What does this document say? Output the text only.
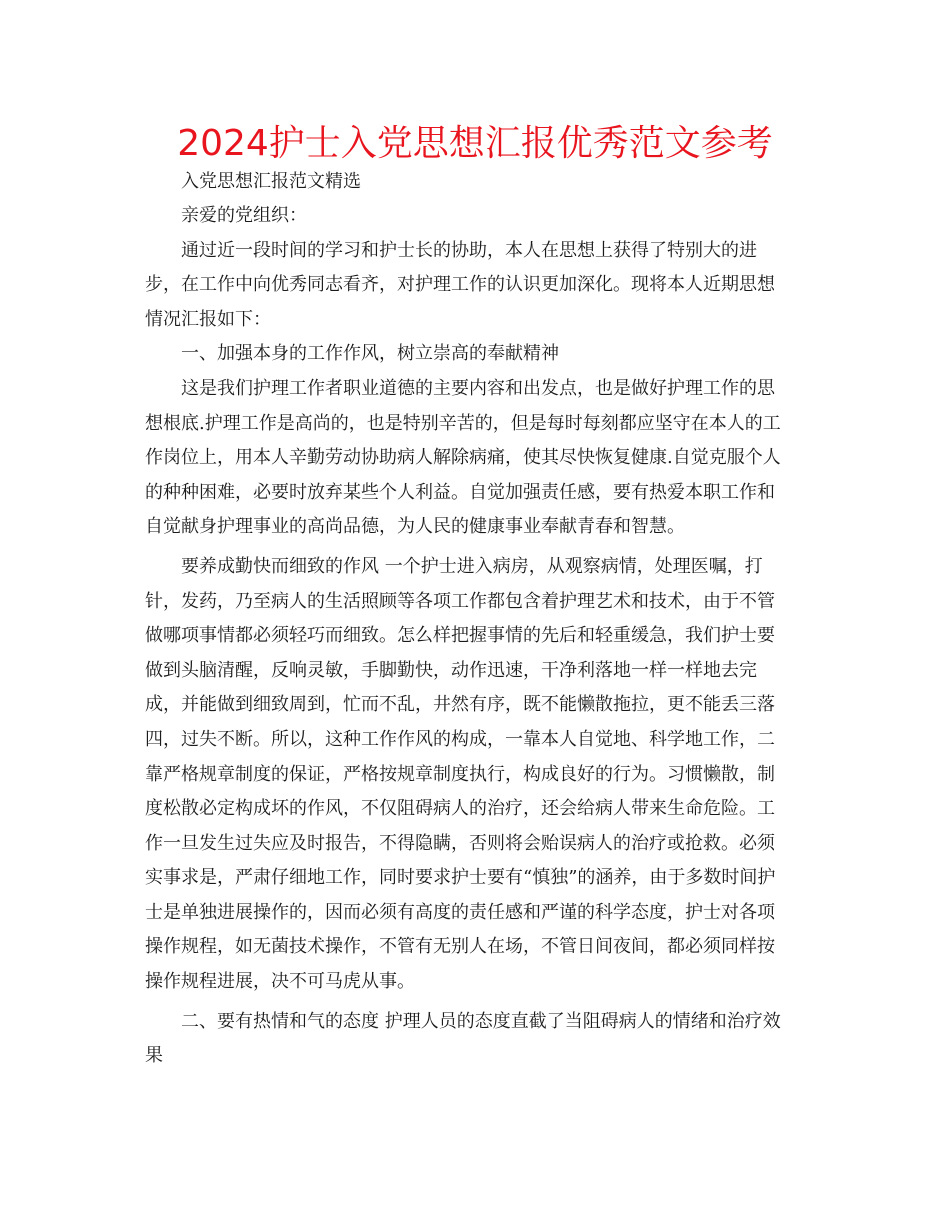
2024护士入党思想汇报优秀范文参考
入党思想汇报范文精选
亲爱的党组织：
通过近一段时间的学习和护士长的协助，本人在思想上获得了特别大的进
步，在工作中向优秀同志看齐，对护理工作的认识更加深化。现将本人近期思想
情况汇报如下：
一、加强本身的工作作风，树立崇高的奉献精神
这是我们护理工作者职业道德的主要内容和出发点，也是做好护理工作的思
想根底.护理工作是高尚的，也是特别辛苦的，但是每时每刻都应坚守在本人的工
作岗位上，用本人辛勤劳动协助病人解除病痛，使其尽快恢复健康.自觉克服个人
的种种困难，必要时放弃某些个人利益。自觉加强责任感，要有热爱本职工作和
自觉献身护理事业的高尚品德，为人民的健康事业奉献青春和智慧。
要养成勤快而细致的作风 一个护士进入病房，从观察病情，处理医嘱，打
针，发药，乃至病人的生活照顾等各项工作都包含着护理艺术和技术，由于不管
做哪项事情都必须轻巧而细致。怎么样把握事情的先后和轻重缓急，我们护士要
做到头脑清醒，反响灵敏，手脚勤快，动作迅速，干净利落地一样一样地去完
成，并能做到细致周到，忙而不乱，井然有序，既不能懒散拖拉，更不能丢三落
四，过失不断。所以，这种工作作风的构成，一靠本人自觉地、科学地工作，二
靠严格规章制度的保证，严格按规章制度执行，构成良好的行为。习惯懒散，制
度松散必定构成坏的作风，不仅阻碍病人的治疗，还会给病人带来生命危险。工
作一旦发生过失应及时报告，不得隐瞒，否则将会贻误病人的治疗或抢救。必须
实事求是，严肃仔细地工作，同时要求护士要有“慎独”的涵养，由于多数时间护
士是单独进展操作的，因而必须有高度的责任感和严谨的科学态度，护士对各项
操作规程，如无菌技术操作，不管有无别人在场，不管日间夜间，都必须同样按
操作规程进展，决不可马虎从事。
二、要有热情和气的态度 护理人员的态度直截了当阻碍病人的情绪和治疗效
果
